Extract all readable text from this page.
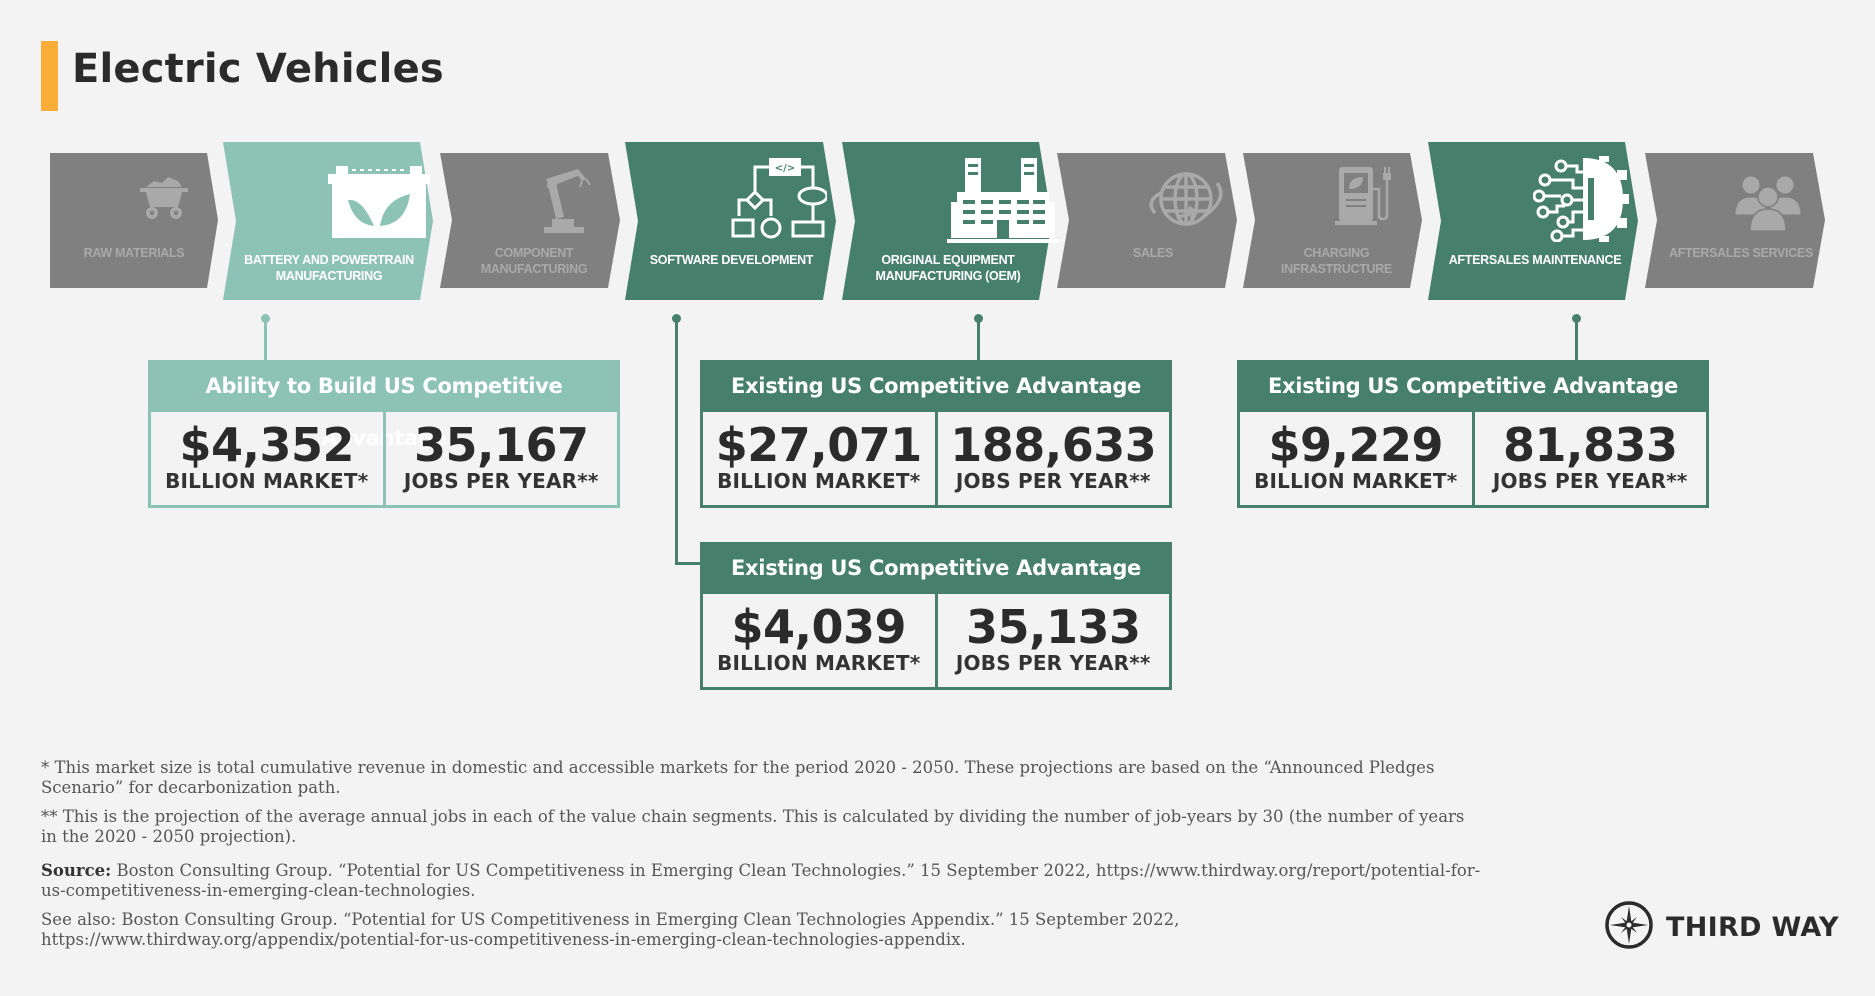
Electric Vehicles
RAW MATERIALS	BATTERY AND POWERTRAIN MANUFACTURING
COMPONENT MANUFACTURING
</>
SOFTWARE DEVELOPMENT	ORIGINAL EQUIPMENT MANUFACTURING (OEM)
SALES	CHARGING INFRASTRUCTURE
AFTERSALES MAINTENANCE	AFTERSALES SERVICES
Ability to Build US Competitive Advantage
$4,352
BILLION MARKET*
35,167
JOBS PER YEAR**
Existing US Competitive Advantage
$27,071
BILLION MARKET*
188,633
JOBS PER YEAR**
Existing US Competitive Advantage
$4,039
BILLION MARKET*
35,133
JOBS PER YEAR**
Existing US Competitive Advantage
$9,229
BILLION MARKET*
81,833
JOBS PER YEAR**

* This market size is total cumulative revenue in domestic and accessible markets for the period 2020 - 2050. These projections are based on the “Announced Pledges Scenario” for decarbonization path.

** This is the projection of the average annual jobs in each of the value chain segments. This is calculated by dividing the number of job-years by 30 (the number of years in the 2020 - 2050 projection).

Source: Boston Consulting Group. “Potential for US Competitiveness in Emerging Clean Technologies.” 15 September 2022, https://www.thirdway.org/report/potential-for-us-competitiveness-in-emerging-clean-technologies.

See also: Boston Consulting Group. “Potential for US Competitiveness in Emerging Clean Technologies Appendix.” 15 September 2022, https://www.thirdway.org/appendix/potential-for-us-competitiveness-in-emerging-clean-technologies-appendix.	THIRD WAY
